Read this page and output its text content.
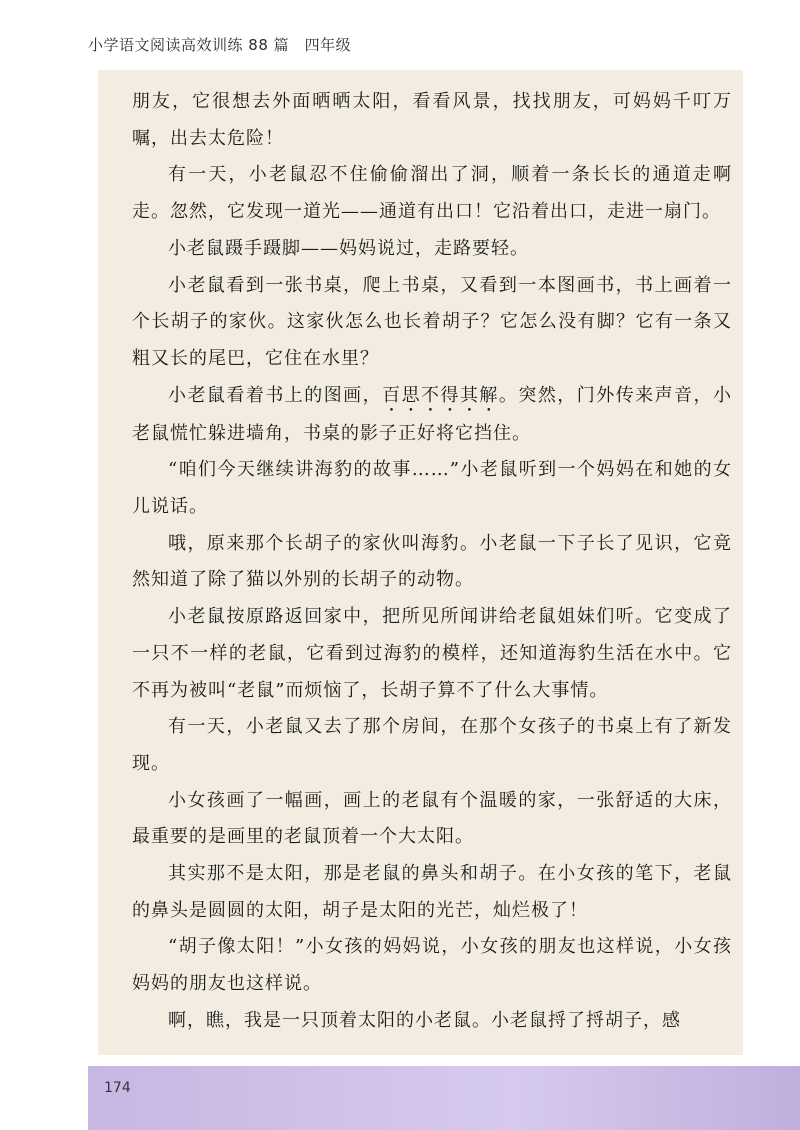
小学语文阅读高效训练 88 篇　四年级

朋友，它很想去外面晒晒太阳，看看风景，找找朋友，可妈妈千叮万嘱，出去太危险！

有一天，小老鼠忍不住偷偷溜出了洞，顺着一条长长的通道走啊走。忽然，它发现一道光——通道有出口！它沿着出口，走进一扇门。

小老鼠蹑手蹑脚——妈妈说过，走路要轻。

小老鼠看到一张书桌，爬上书桌，又看到一本图画书，书上画着一个长胡子的家伙。这家伙怎么也长着胡子？它怎么没有脚？它有一条又粗又长的尾巴，它住在水里？

小老鼠看着书上的图画，百思不得其解。突然，门外传来声音，小老鼠慌忙躲进墙角，书桌的影子正好将它挡住。

“咱们今天继续讲海豹的故事……”小老鼠听到一个妈妈在和她的女儿说话。

哦，原来那个长胡子的家伙叫海豹。小老鼠一下子长了见识，它竟然知道了除了猫以外别的长胡子的动物。

小老鼠按原路返回家中，把所见所闻讲给老鼠姐妹们听。它变成了一只不一样的老鼠，它看到过海豹的模样，还知道海豹生活在水中。它不再为被叫“老鼠”而烦恼了，长胡子算不了什么大事情。

有一天，小老鼠又去了那个房间，在那个女孩子的书桌上有了新发现。

小女孩画了一幅画，画上的老鼠有个温暖的家，一张舒适的大床，最重要的是画里的老鼠顶着一个大太阳。

其实那不是太阳，那是老鼠的鼻头和胡子。在小女孩的笔下，老鼠的鼻头是圆圆的太阳，胡子是太阳的光芒，灿烂极了！

“胡子像太阳！”小女孩的妈妈说，小女孩的朋友也这样说，小女孩妈妈的朋友也这样说。

啊，瞧，我是一只顶着太阳的小老鼠。小老鼠捋了捋胡子，感

174
